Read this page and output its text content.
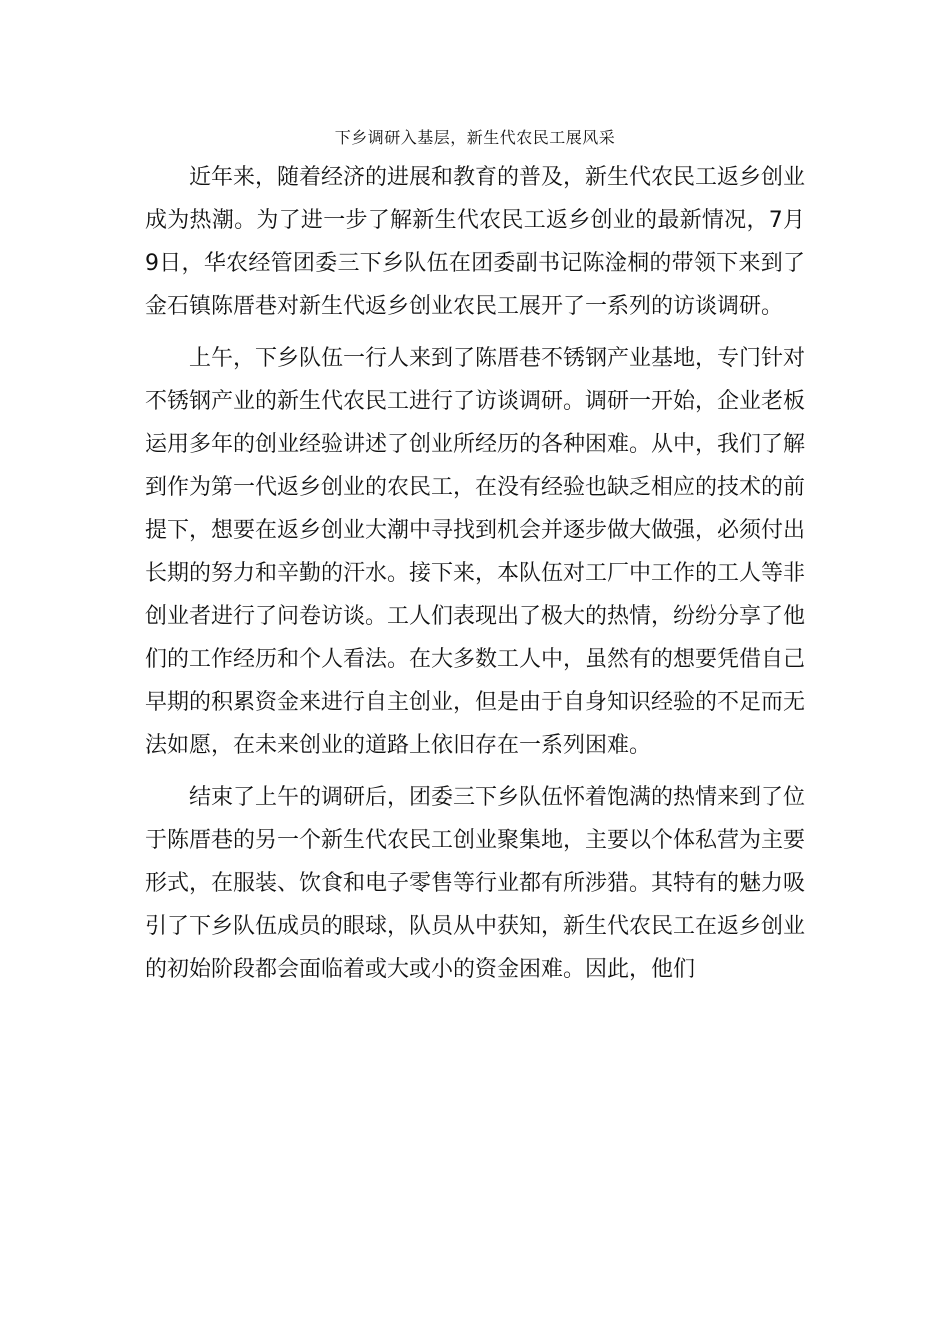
下乡调研入基层，新生代农民工展风采

近年来，随着经济的进展和教育的普及，新生代农民工返乡创业成为热潮。为了进一步了解新生代农民工返乡创业的最新情况，7月9日，华农经管团委三下乡队伍在团委副书记陈淦桐的带领下来到了金石镇陈厝巷对新生代返乡创业农民工展开了一系列的访谈调研。

上午，下乡队伍一行人来到了陈厝巷不锈钢产业基地，专门针对不锈钢产业的新生代农民工进行了访谈调研。调研一开始，企业老板运用多年的创业经验讲述了创业所经历的各种困难。从中，我们了解到作为第一代返乡创业的农民工，在没有经验也缺乏相应的技术的前提下，想要在返乡创业大潮中寻找到机会并逐步做大做强，必须付出长期的努力和辛勤的汗水。接下来，本队伍对工厂中工作的工人等非创业者进行了问卷访谈。工人们表现出了极大的热情，纷纷分享了他们的工作经历和个人看法。在大多数工人中，虽然有的想要凭借自己早期的积累资金来进行自主创业，但是由于自身知识经验的不足而无法如愿，在未来创业的道路上依旧存在一系列困难。

结束了上午的调研后，团委三下乡队伍怀着饱满的热情来到了位于陈厝巷的另一个新生代农民工创业聚集地，主要以个体私营为主要形式，在服装、饮食和电子零售等行业都有所涉猎。其特有的魅力吸引了下乡队伍成员的眼球，队员从中获知，新生代农民工在返乡创业的初始阶段都会面临着或大或小的资金困难。因此，他们
